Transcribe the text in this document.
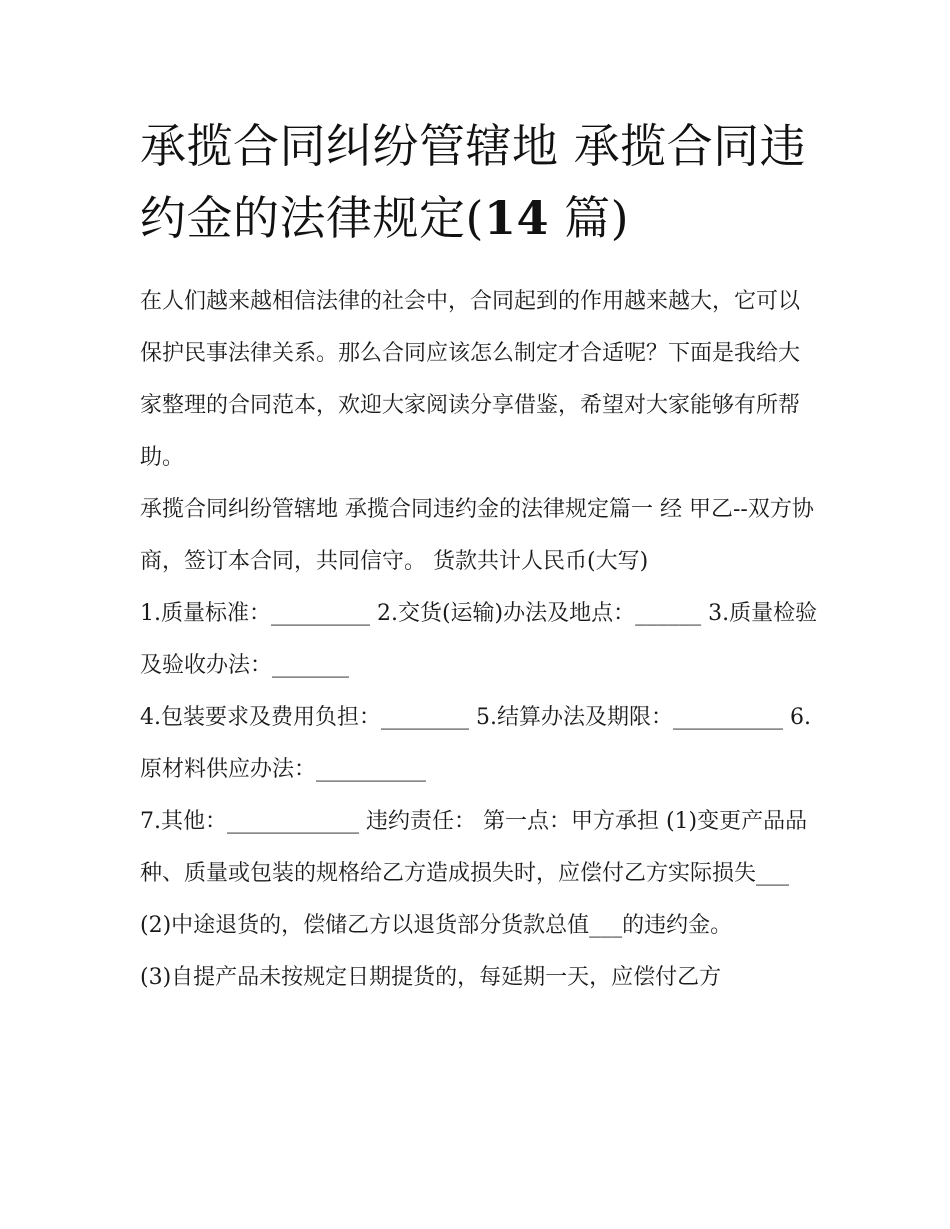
承揽合同纠纷管辖地 承揽合同违约金的法律规定(14 篇)

在人们越来越相信法律的社会中，合同起到的作用越来越大，它可以保护民事法律关系。那么合同应该怎么制定才合适呢？下面是我给大家整理的合同范本，欢迎大家阅读分享借鉴，希望对大家能够有所帮助。

承揽合同纠纷管辖地 承揽合同违约金的法律规定篇一 经 甲乙--双方协商，签订本合同，共同信守。 货款共计人民币(大写)

1.质量标准：_________ 2.交货(运输)办法及地点：______ 3.质量检验及验收办法：_______

4.包装要求及费用负担：________ 5.结算办法及期限：__________ 6.原材料供应办法：__________

7.其他：____________ 违约责任： 第一点：甲方承担 (1)变更产品品种、质量或包装的规格给乙方造成损失时，应偿付乙方实际损失___

(2)中途退货的，偿储乙方以退货部分货款总值___的违约金。

(3)自提产品未按规定日期提货的，每延期一天，应偿付乙方
